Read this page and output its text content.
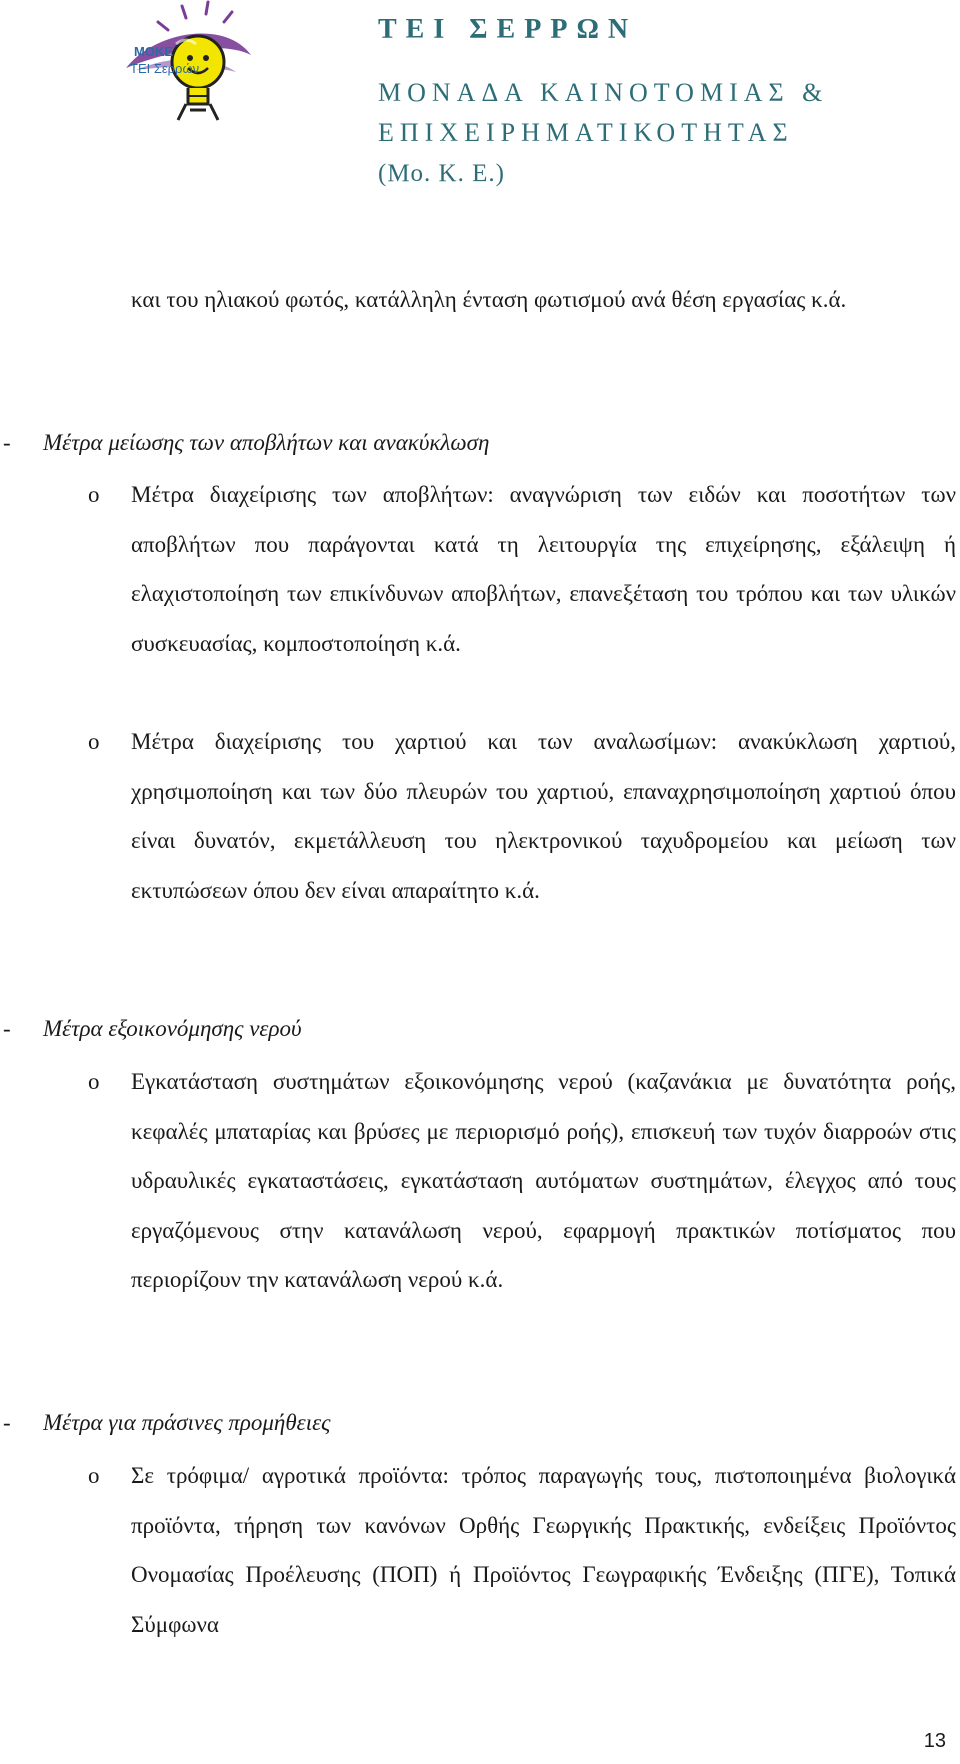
ΜΟΚΕ
ΤΕΙ Σερρών
ΤΕΙ ΣΕΡΡΩΝ
ΜΟΝΑΔΑ ΚΑΙΝΟΤΟΜΙΑΣ &
ΕΠΙΧΕΙΡΗΜΑΤΙΚΟΤΗΤΑΣ
(Μο. Κ. Ε.)
και του ηλιακού φωτός, κατάλληλη ένταση φωτισμού ανά θέση εργασίας κ.ά.
- Μέτρα μείωσης των αποβλήτων και ανακύκλωση
o Μέτρα διαχείρισης των αποβλήτων: αναγνώριση των ειδών και ποσοτήτων των αποβλήτων που παράγονται κατά τη λειτουργία της επιχείρησης, εξάλειψη ή ελαχιστοποίηση των επικίνδυνων αποβλήτων, επανεξέταση του τρόπου και των υλικών συσκευασίας, κομποστοποίηση κ.ά.
o Μέτρα διαχείρισης του χαρτιού και των αναλωσίμων: ανακύκλωση χαρτιού, χρησιμοποίηση και των δύο πλευρών του χαρτιού, επαναχρησιμοποίηση χαρτιού όπου είναι δυνατόν, εκμετάλλευση του ηλεκτρονικού ταχυδρομείου και μείωση των εκτυπώσεων όπου δεν είναι απαραίτητο κ.ά.
- Μέτρα εξοικονόμησης νερού
o Εγκατάσταση συστημάτων εξοικονόμησης νερού (καζανάκια με δυνατότητα ροής, κεφαλές μπαταρίας και βρύσες με περιορισμό ροής), επισκευή των τυχόν διαρροών στις υδραυλικές εγκαταστάσεις, εγκατάσταση αυτόματων συστημάτων, έλεγχος από τους εργαζόμενους στην κατανάλωση νερού, εφαρμογή πρακτικών ποτίσματος που περιορίζουν την κατανάλωση νερού κ.ά.
- Μέτρα για πράσινες προμήθειες
o Σε τρόφιμα/ αγροτικά προϊόντα: τρόπος παραγωγής τους, πιστοποιημένα βιολογικά προϊόντα, τήρηση των κανόνων Ορθής Γεωργικής Πρακτικής, ενδείξεις Προϊόντος Ονομασίας Προέλευσης (ΠΟΠ) ή Προϊόντος Γεωγραφικής Ένδειξης (ΠΓΕ), Τοπικά Σύμφωνα
13
